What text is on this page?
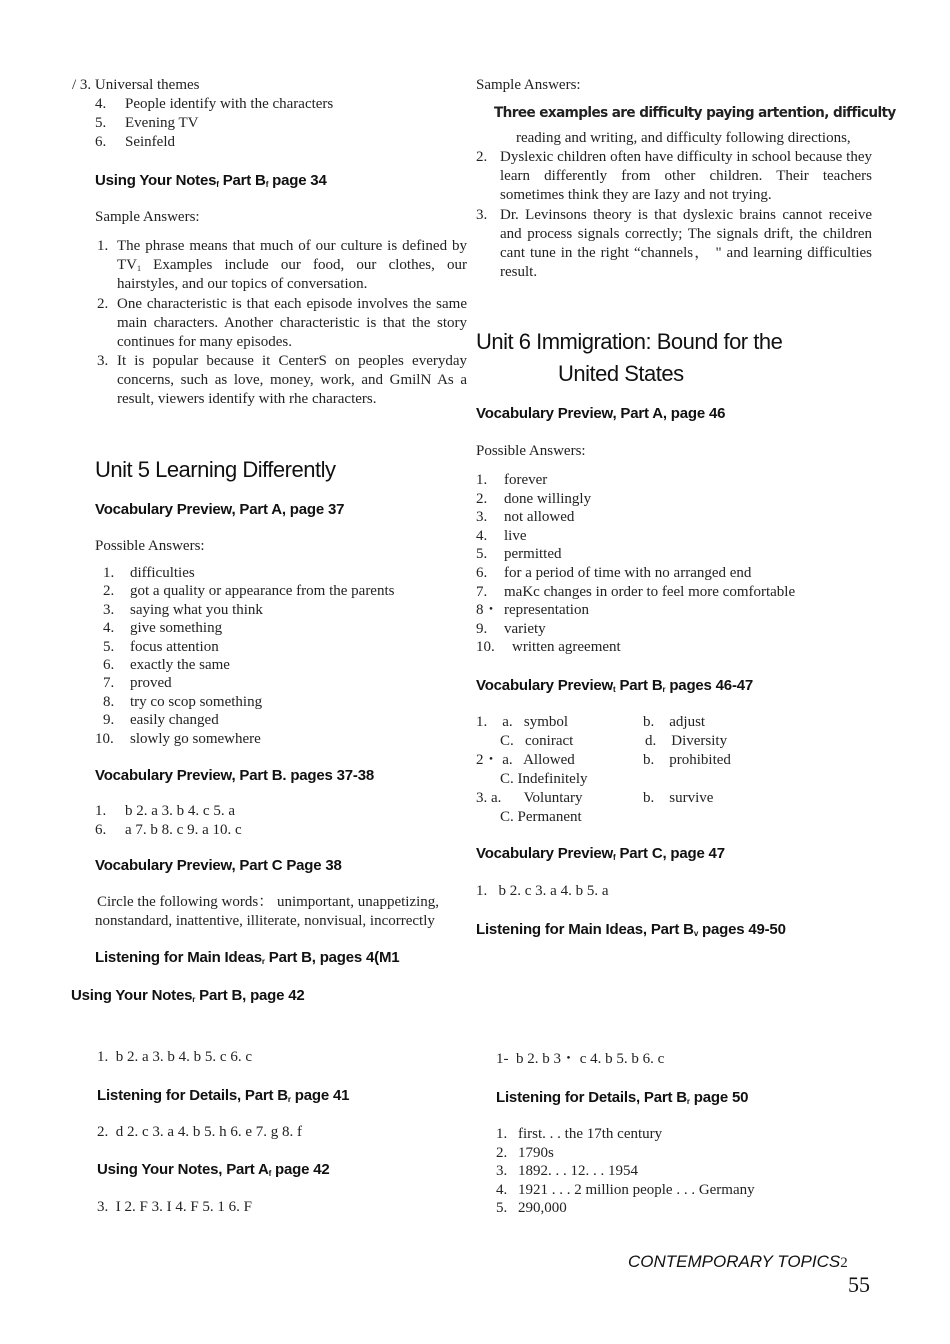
/ 3. Universal themes
4. People identify with the characters
5. Evening TV
6. Seinfeld
Using Your Notes$_f$ Part $B_f$ page 34
Sample Answers:
1. The phrase means that much of our culture is defined by $TV_1$ Examples include our food, our clothes, our hairstyles, and our topics of conversation.
2. One characteristic is that each episode involves the same main characters. Another characteristic is that the story continues for many episodes.
3. It is popular because it CenterS on peoples everyday concerns, such as love, money, work, and GmilN As a result, viewers identify with rhe characters.
Unit 5 Learning Differently
Vocabulary Preview, Part A, page 37
Possible Answers:
1. difficulties
2. got a quality or appearance from the parents
3. saying what you think
4. give something
5. focus attention
6. exactly the same
7. proved
8. try co scop something
9. easily changed
10. slowly go somewhere
Vocabulary Preview, Part B. pages 37-38
1. b 2. a 3. b 4. c 5. a
6. a 7. b 8. c 9. a 10. c
Vocabulary Preview, Part C Page 38
Circle the following words： unimportant, unappetizing, nonstandard, inattentive, illiterate, nonvisual, incorrectly
Listening for Main Ideas$_r$ Part B, pages 4(M1
Using Your Notes$_r$ Part B, page 42
1.  b 2. a 3. b 4. b 5. c 6. c
Listening for Details, Part $B_r$ page 41
2.  d 2. c 3. a 4. b 5. h 6. e 7. g 8. f
Using Your Notes, Part $A_f$ page 42
3.  I 2. F 3. I 4. F 5. 1 6. F
Sample Answers:
Three examples are difficulty paying artention, difficulty
reading and writing, and difficulty following directions,
2. Dyslexic children often have difficulty in school because they learn differently from other children. Their teachers sometimes think they are Iazy and not trying.
3. Dr. Levinsons theory is that dyslexic brains cannot receive and process signals correctly; The signals drift, the children cant tune in the right “channels， " and learning difficulties result.
Unit 6 Immigration: Bound for the
United States
Vocabulary Preview, Part A, page 46
Possible Answers:
1. forever
2. done willingly
3. not allowed
4. live
5. permitted
6. for a period of time with no arranged end
7. maKc changes in order to feel more comfortable
8・ representation
9. variety
10. written agreement
Vocabulary Preview$_t$ Part $B_r$ pages 46-47
1.    a.   symbol	b.    adjust
C.   coniract	d.    Diversity
2・ a.   Allowed	b.    prohibited
C. Indefinitely
3. a.      Voluntary	b.    survive
C. Permanent
Vocabulary Preview$_f$ Part C, page 47
1.   b 2. c 3. a 4. b 5. a
Listening for Main Ideas, Part $B_v$ pages 49-50
1-  b 2. b 3・ c 4. b 5. b 6. c
Listening for Details, Part $B_r$ page 50
1. first. . . the 17th century
2. 1790s
3. 1892. . . 12. . . 1954
4. 1921 . . . 2 million people . . . Germany
5. 290,000
CONTEMPORARY TOPICS2
55
